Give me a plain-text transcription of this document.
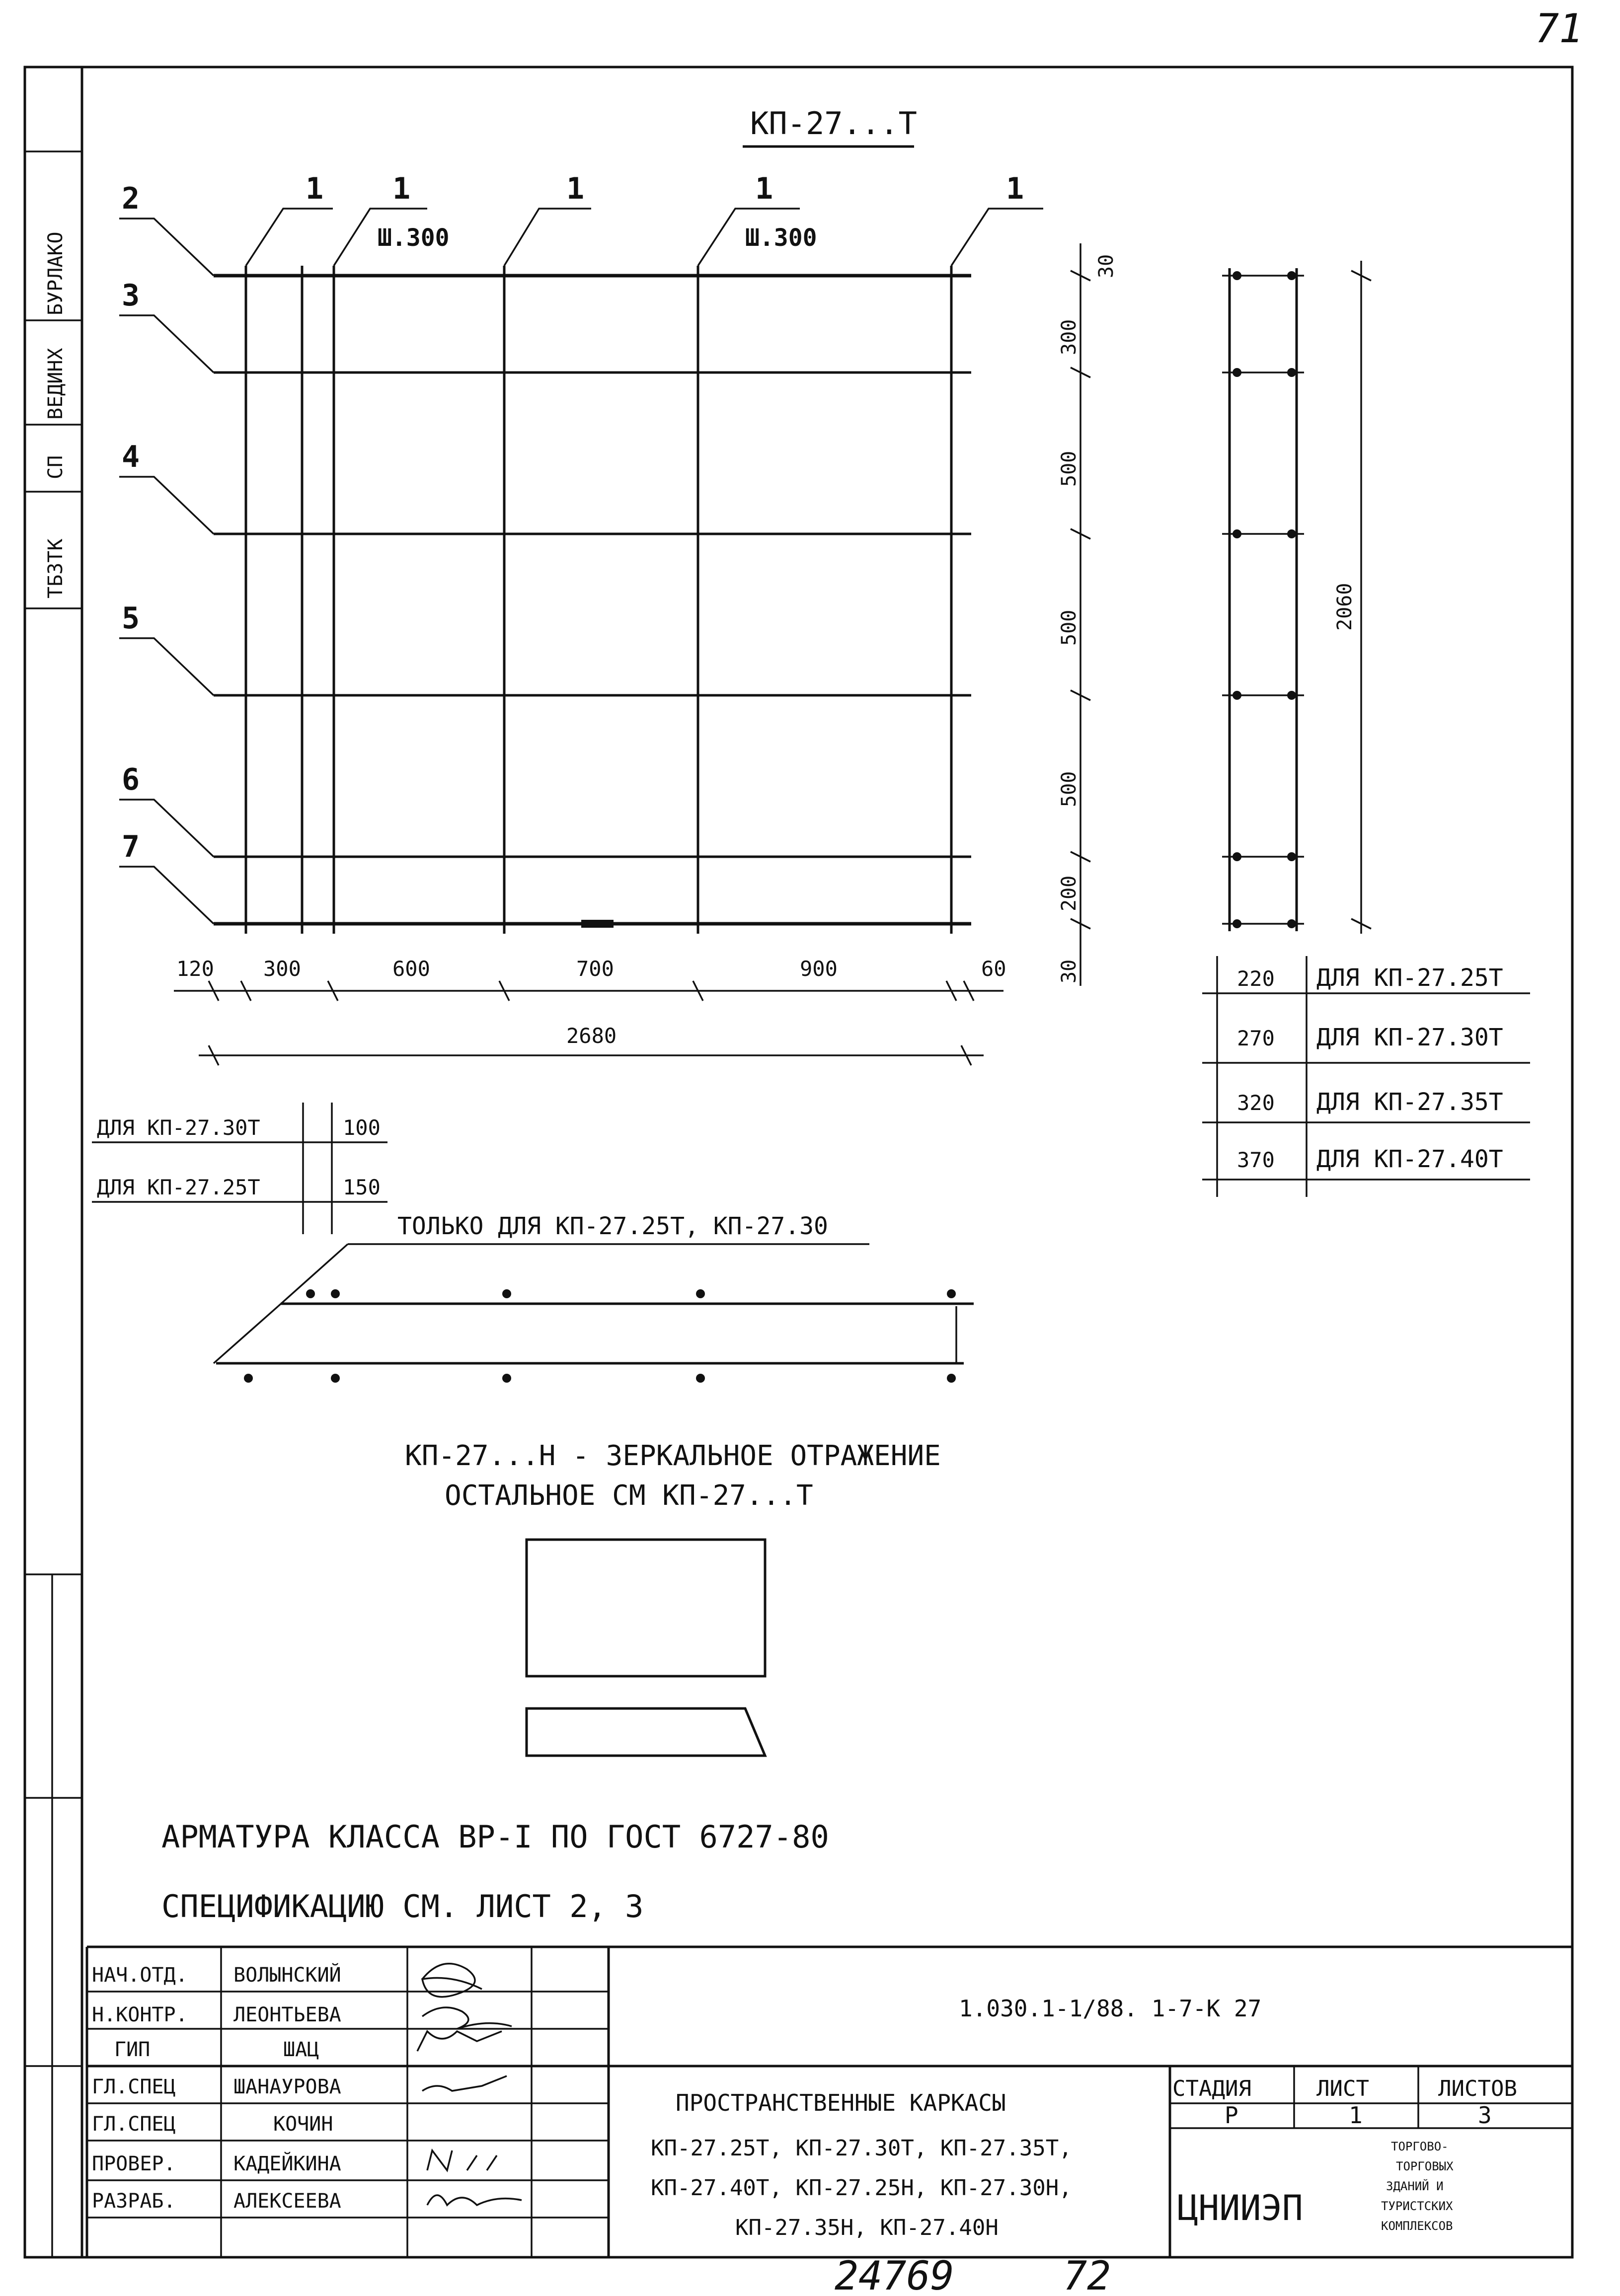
71
БУРЛАКО
ВЕДИНХ
СП
ТБЗТК
КП-27...Т
1 1	1	1	1
Ш.300	Ш.300
2
3
4
5
6
7
120 300	600	700	900	60
2680
30
300
500
500
500
200
30
2060
220 ДЛЯ КП-27.25Т
270 ДЛЯ КП-27.30Т
320 ДЛЯ КП-27.35Т
370 ДЛЯ КП-27.40Т
ДЛЯ КП-27.30Т	100
ДЛЯ КП-27.25Т	150
ТОЛЬКО ДЛЯ КП-27.25Т, КП-27.30
КП-27...Н - ЗЕРКАЛЬНОЕ ОТРАЖЕНИЕ
ОСТАЛЬНОЕ СМ КП-27...Т
АРМАТУРА КЛАССА ВР-I ПО ГОСТ 6727-80
СПЕЦИФИКАЦИЮ СМ. ЛИСТ 2, 3
1.030.1-1/88. 1-7-К 27
НАЧ.ОТД. ВОЛЫНСКИЙ
Н.КОНТР. ЛЕОНТЬЕВА
ГИП	ШАЦ
ГЛ.СПЕЦ	ШАНАУРОВА
ГЛ.СПЕЦ	КОЧИН
ПРОВЕР.	КАДЕЙКИНА
РАЗРАБ.	АЛЕКСЕЕВА
ПРОСТРАНСТВЕННЫЕ КАРКАСЫ
КП-27.25Т, КП-27.30Т, КП-27.35Т,
КП-27.40Т, КП-27.25Н, КП-27.30Н,
КП-27.35Н, КП-27.40Н
СТАДИЯ	ЛИСТ	ЛИСТОВ
Р	1	3
ЦНИИЭП
ТОРГОВО-
ТОРГОВЫХ
ЗДАНИЙ И
ТУРИСТСКИХ
КОМПЛЕКСОВ
24769	72
